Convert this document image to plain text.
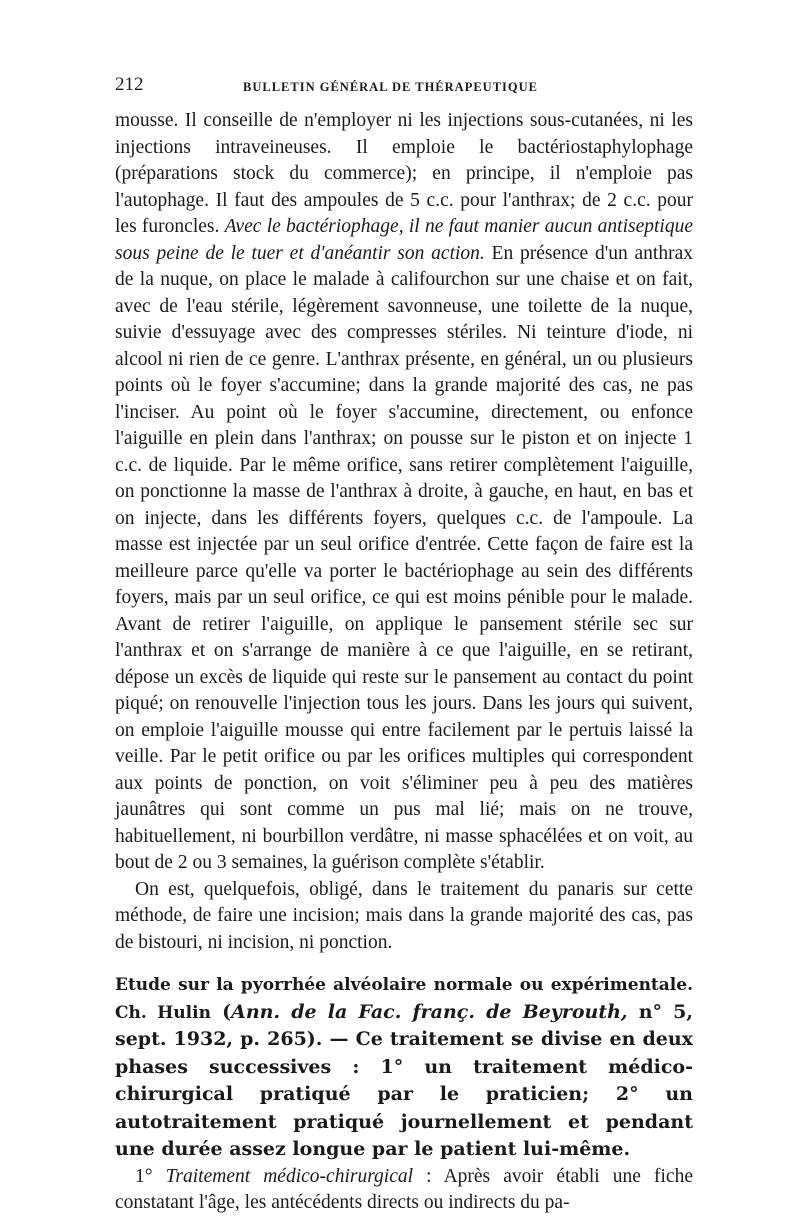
212	BULLETIN GÉNÉRAL DE THÉRAPEUTIQUE

mousse. Il conseille de n'employer ni les injections sous-cutanées, ni les injections intraveineuses. Il emploie le bactériostaphylophage (préparations stock du commerce); en principe, il n'emploie pas l'autophage. Il faut des ampoules de 5 c.c. pour l'anthrax; de 2 c.c. pour les furoncles. Avec le bactériophage, il ne faut manier aucun antiseptique sous peine de le tuer et d'anéantir son action. En présence d'un anthrax de la nuque, on place le malade à califourchon sur une chaise et on fait, avec de l'eau stérile, légèrement savonneuse, une toilette de la nuque, suivie d'essuyage avec des compresses stériles. Ni teinture d'iode, ni alcool ni rien de ce genre. L'anthrax présente, en général, un ou plusieurs points où le foyer s'accumine; dans la grande majorité des cas, ne pas l'inciser. Au point où le foyer s'accumine, directement, ou enfonce l'aiguille en plein dans l'anthrax; on pousse sur le piston et on injecte 1 c.c. de liquide. Par le même orifice, sans retirer complètement l'aiguille, on ponctionne la masse de l'anthrax à droite, à gauche, en haut, en bas et on injecte, dans les différents foyers, quelques c.c. de l'ampoule. La masse est injectée par un seul orifice d'entrée. Cette façon de faire est la meilleure parce qu'elle va porter le bactériophage au sein des différents foyers, mais par un seul orifice, ce qui est moins pénible pour le malade. Avant de retirer l'aiguille, on applique le pansement stérile sec sur l'anthrax et on s'arrange de manière à ce que l'aiguille, en se retirant, dépose un excès de liquide qui reste sur le pansement au contact du point piqué; on renouvelle l'injection tous les jours. Dans les jours qui suivent, on emploie l'aiguille mousse qui entre facilement par le pertuis laissé la veille. Par le petit orifice ou par les orifices multiples qui correspondent aux points de ponction, on voit s'éliminer peu à peu des matières jaunâtres qui sont comme un pus mal lié; mais on ne trouve, habituellement, ni bourbillon verdâtre, ni masse sphacélées et on voit, au bout de 2 ou 3 semaines, la guérison complète s'établir.

On est, quelquefois, obligé, dans le traitement du panaris sur cette méthode, de faire une incision; mais dans la grande majorité des cas, pas de bistouri, ni incision, ni ponction.

Etude sur la pyorrhée alvéolaire normale ou expérimentale. Ch. Hulin (Ann. de la Fac. franç. de Beyrouth, n° 5, sept. 1932, p. 265). — Ce traitement se divise en deux phases successives : 1° un traitement médico-chirurgical pratiqué par le praticien; 2° un autotraitement pratiqué journellement et pendant une durée assez longue par le patient lui-même.

1° Traitement médico-chirurgical : Après avoir établi une fiche constatant l'âge, les antécédents directs ou indirects du pa-
